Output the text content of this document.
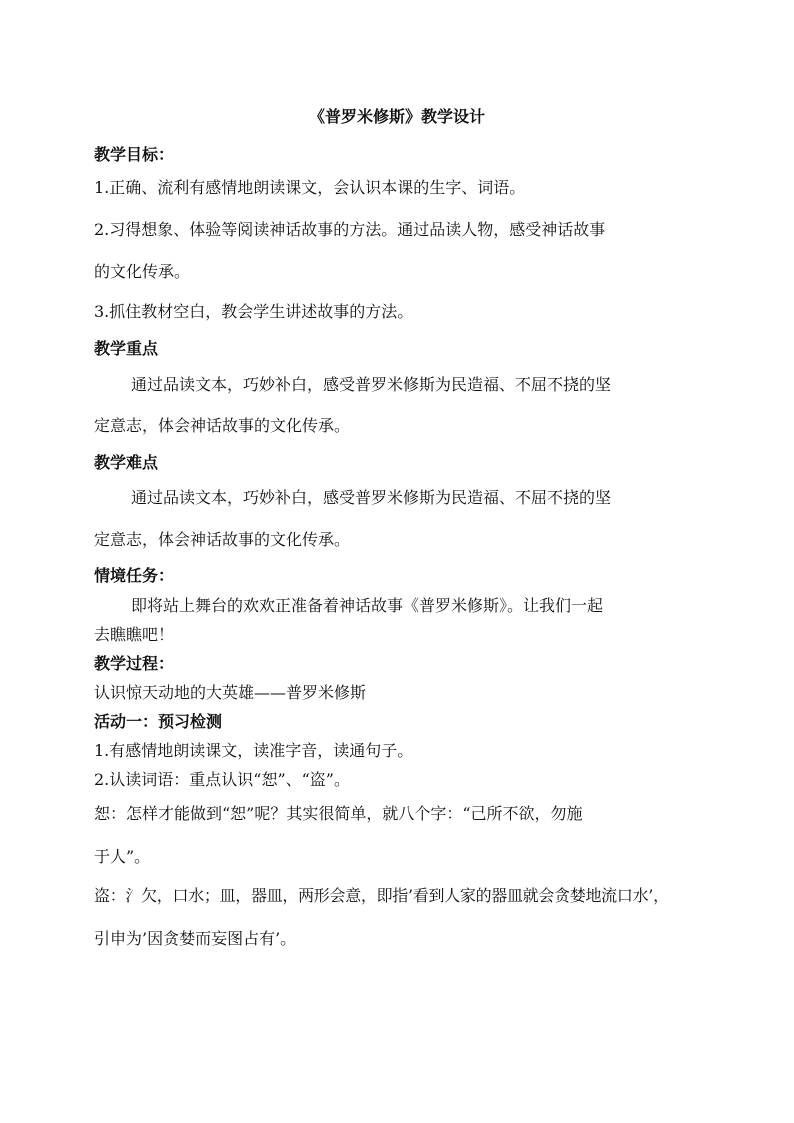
《普罗米修斯》教学设计
教学目标：
1.正确、流利有感情地朗读课文，会认识本课的生字、词语。
2.习得想象、体验等阅读神话故事的方法。通过品读人物，感受神话故事
的文化传承。
3.抓住教材空白，教会学生讲述故事的方法。
教学重点
通过品读文本，巧妙补白，感受普罗米修斯为民造福、不屈不挠的坚
定意志，体会神话故事的文化传承。
教学难点
通过品读文本，巧妙补白，感受普罗米修斯为民造福、不屈不挠的坚
定意志，体会神话故事的文化传承。
情境任务：
即将站上舞台的欢欢正准备着神话故事《普罗米修斯》。让我们一起
去瞧瞧吧！
教学过程：
认识惊天动地的大英雄——普罗米修斯
活动一：预习检测
1.有感情地朗读课文，读准字音，读通句子。
2.认读词语：重点认识“恕”、“盗”。
恕：怎样才能做到“恕”呢？其实很简单，就八个字：“己所不欲，勿施
于人”。
盗：氵欠，口水；皿，器皿，两形会意，即指’看到人家的器皿就会贪婪地流口水’，
引申为’因贪婪而妄图占有’。
